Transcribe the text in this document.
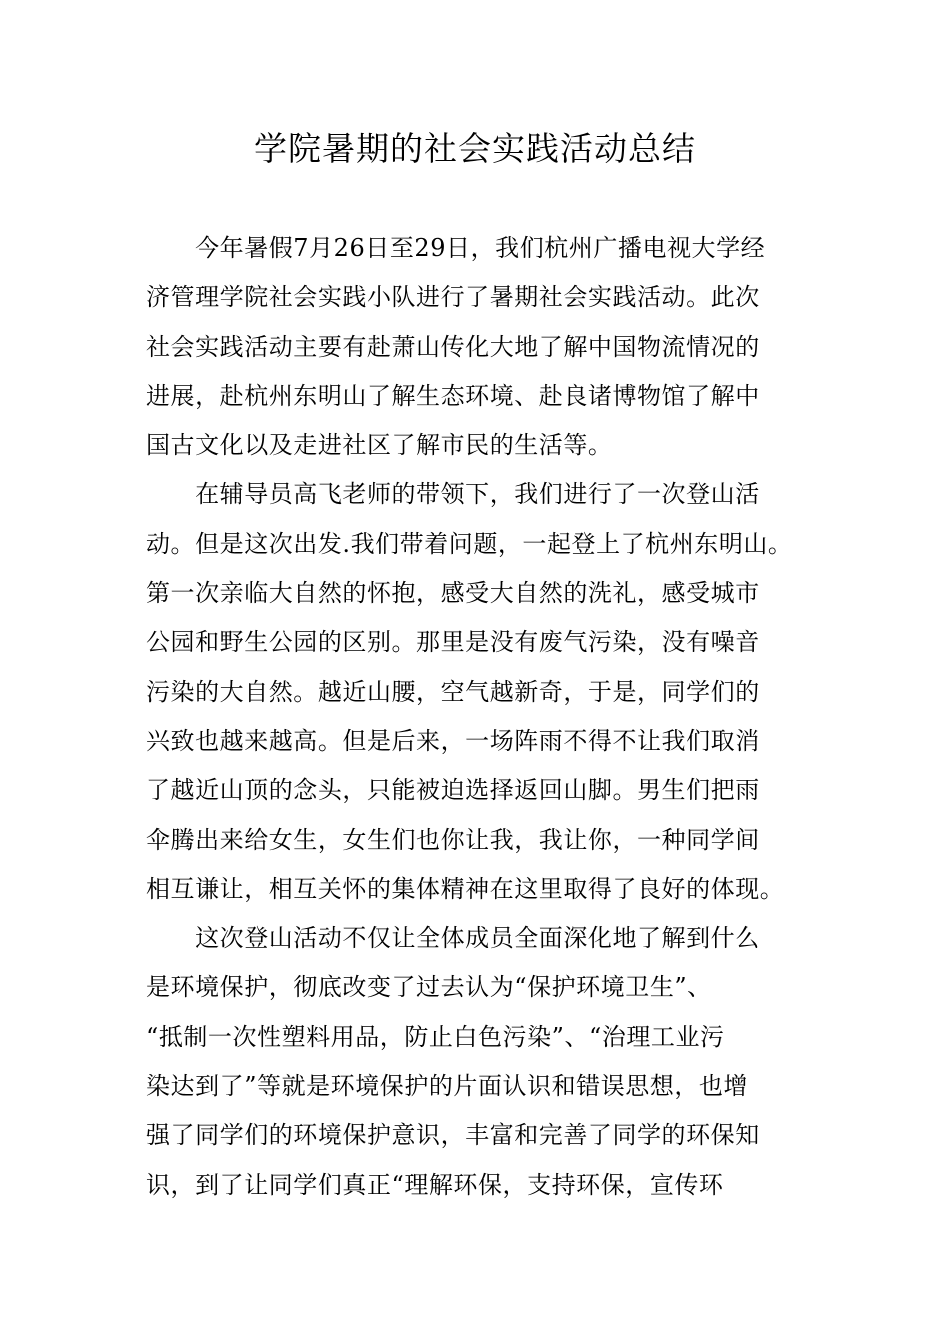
学院暑期的社会实践活动总结
　　今年暑假7月26日至29日，我们杭州广播电视大学经
济管理学院社会实践小队进行了暑期社会实践活动。此次
社会实践活动主要有赴萧山传化大地了解中国物流情况的
进展，赴杭州东明山了解生态环境、赴良诸博物馆了解中
国古文化以及走进社区了解市民的生活等。
　　在辅导员高飞老师的带领下，我们进行了一次登山活
动。但是这次出发.我们带着问题，一起登上了杭州东明山。
第一次亲临大自然的怀抱，感受大自然的洗礼，感受城市
公园和野生公园的区别。那里是没有废气污染，没有噪音
污染的大自然。越近山腰，空气越新奇，于是，同学们的
兴致也越来越高。但是后来，一场阵雨不得不让我们取消
了越近山顶的念头，只能被迫选择返回山脚。男生们把雨
伞腾出来给女生，女生们也你让我，我让你，一种同学间
相互谦让，相互关怀的集体精神在这里取得了良好的体现。
　　这次登山活动不仅让全体成员全面深化地了解到什么
是环境保护，彻底改变了过去认为“保护环境卫生”、
“抵制一次性塑料用品，防止白色污染”、“治理工业污
染达到了”等就是环境保护的片面认识和错误思想，也增
强了同学们的环境保护意识，丰富和完善了同学的环保知
识，到了让同学们真正“理解环保，支持环保，宣传环
